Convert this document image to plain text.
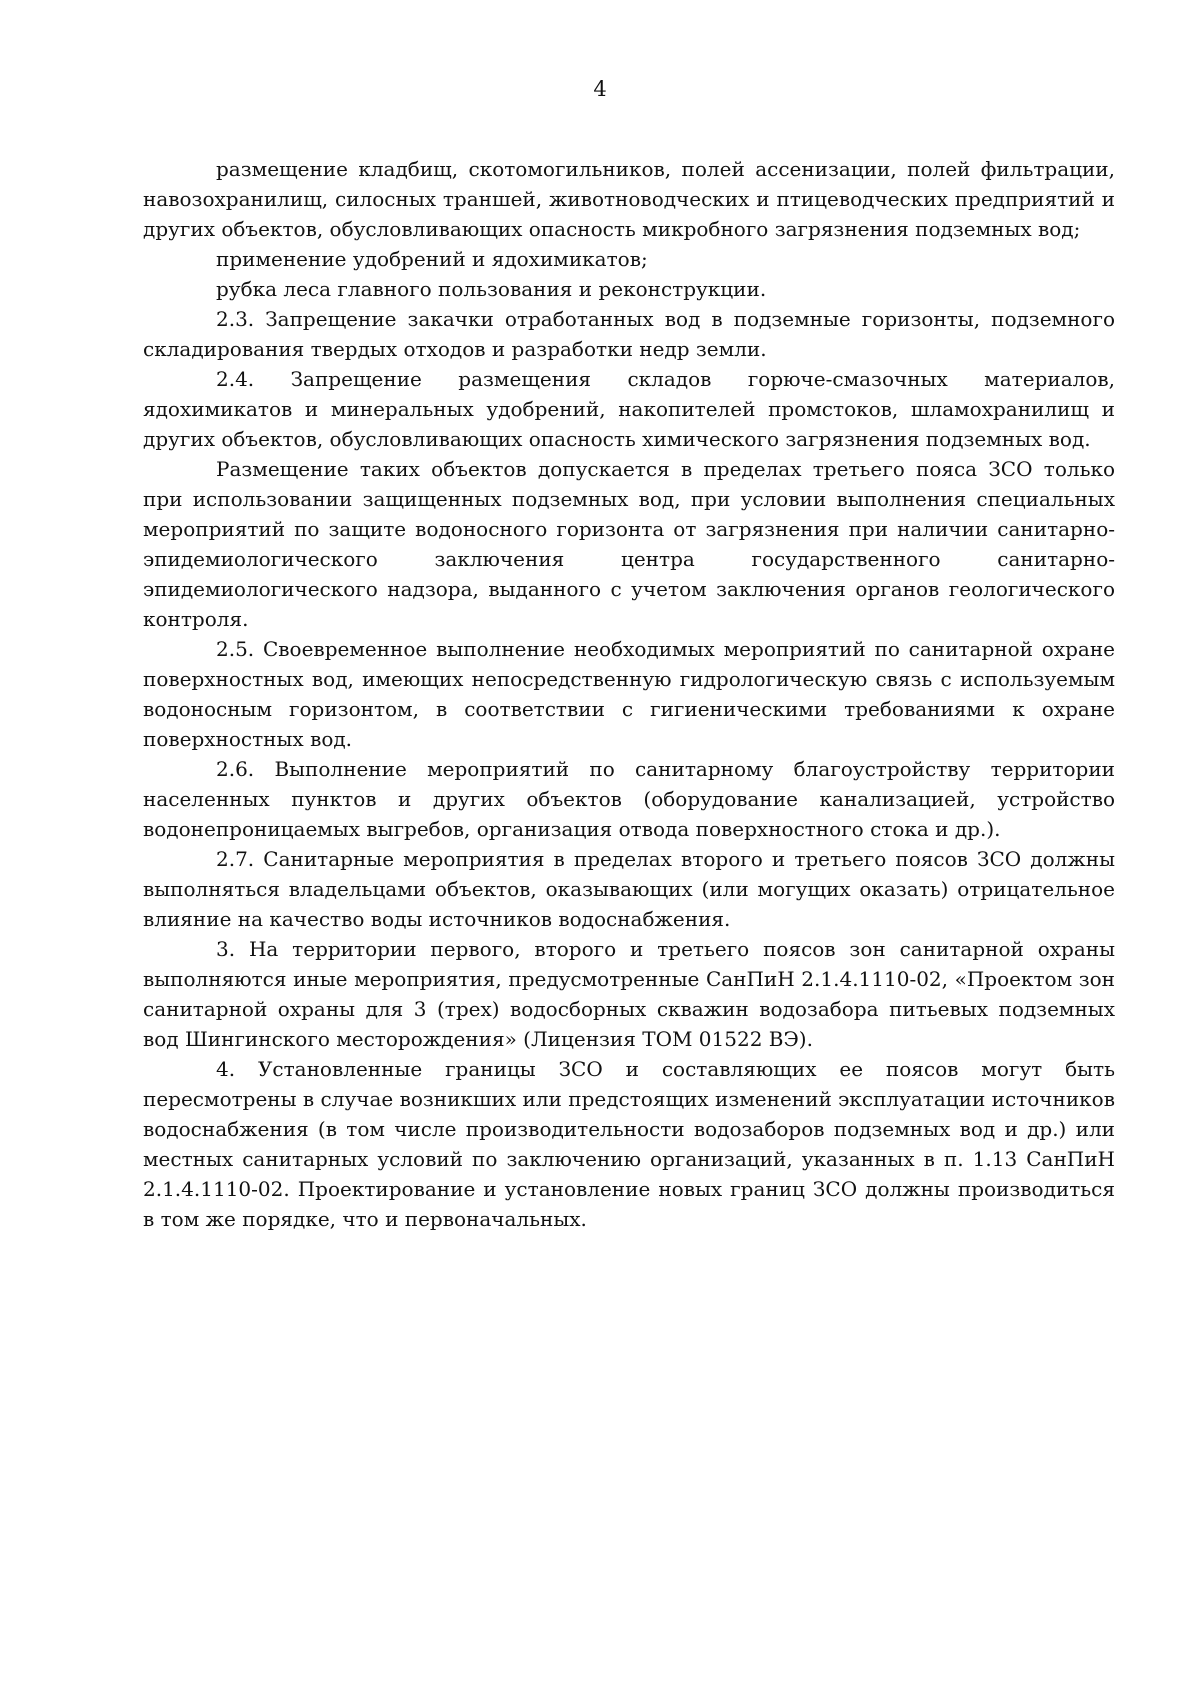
4

размещение кладбищ, скотомогильников, полей ассенизации, полей фильтрации, навозохранилищ, силосных траншей, животноводческих и птицеводческих предприятий и других объектов, обусловливающих опасность микробного загрязнения подземных вод;

применение удобрений и ядохимикатов;

рубка леса главного пользования и реконструкции.

2.3. Запрещение закачки отработанных вод в подземные горизонты, подземного складирования твердых отходов и разработки недр земли.

2.4. Запрещение размещения складов горюче-смазочных материалов, ядохимикатов и минеральных удобрений, накопителей промстоков, шламохранилищ и других объектов, обусловливающих опасность химического загрязнения подземных вод.

Размещение таких объектов допускается в пределах третьего пояса ЗСО только при использовании защищенных подземных вод, при условии выполнения специальных мероприятий по защите водоносного горизонта от загрязнения при наличии санитарно-эпидемиологического заключения центра государственного санитарно-эпидемиологического надзора, выданного с учетом заключения органов геологического контроля.

2.5. Своевременное выполнение необходимых мероприятий по санитарной охране поверхностных вод, имеющих непосредственную гидрологическую связь с используемым водоносным горизонтом, в соответствии с гигиеническими требованиями к охране поверхностных вод.

2.6. Выполнение мероприятий по санитарному благоустройству территории населенных пунктов и других объектов (оборудование канализацией, устройство водонепроницаемых выгребов, организация отвода поверхностного стока и др.).

2.7. Санитарные мероприятия в пределах второго и третьего поясов ЗСО должны выполняться владельцами объектов, оказывающих (или могущих оказать) отрицательное влияние на качество воды источников водоснабжения.

3. На территории первого, второго и третьего поясов зон санитарной охраны выполняются иные мероприятия, предусмотренные СанПиН 2.1.4.1110-02, «Проектом зон санитарной охраны для 3 (трех) водосборных скважин водозабора питьевых подземных вод Шингинского месторождения» (Лицензия ТОМ 01522 ВЭ).

4. Установленные границы ЗСО и составляющих ее поясов могут быть пересмотрены в случае возникших или предстоящих изменений эксплуатации источников водоснабжения (в том числе производительности водозаборов подземных вод и др.) или местных санитарных условий по заключению организаций, указанных в п. 1.13 СанПиН 2.1.4.1110-02. Проектирование и установление новых границ ЗСО должны производиться в том же порядке, что и первоначальных.
